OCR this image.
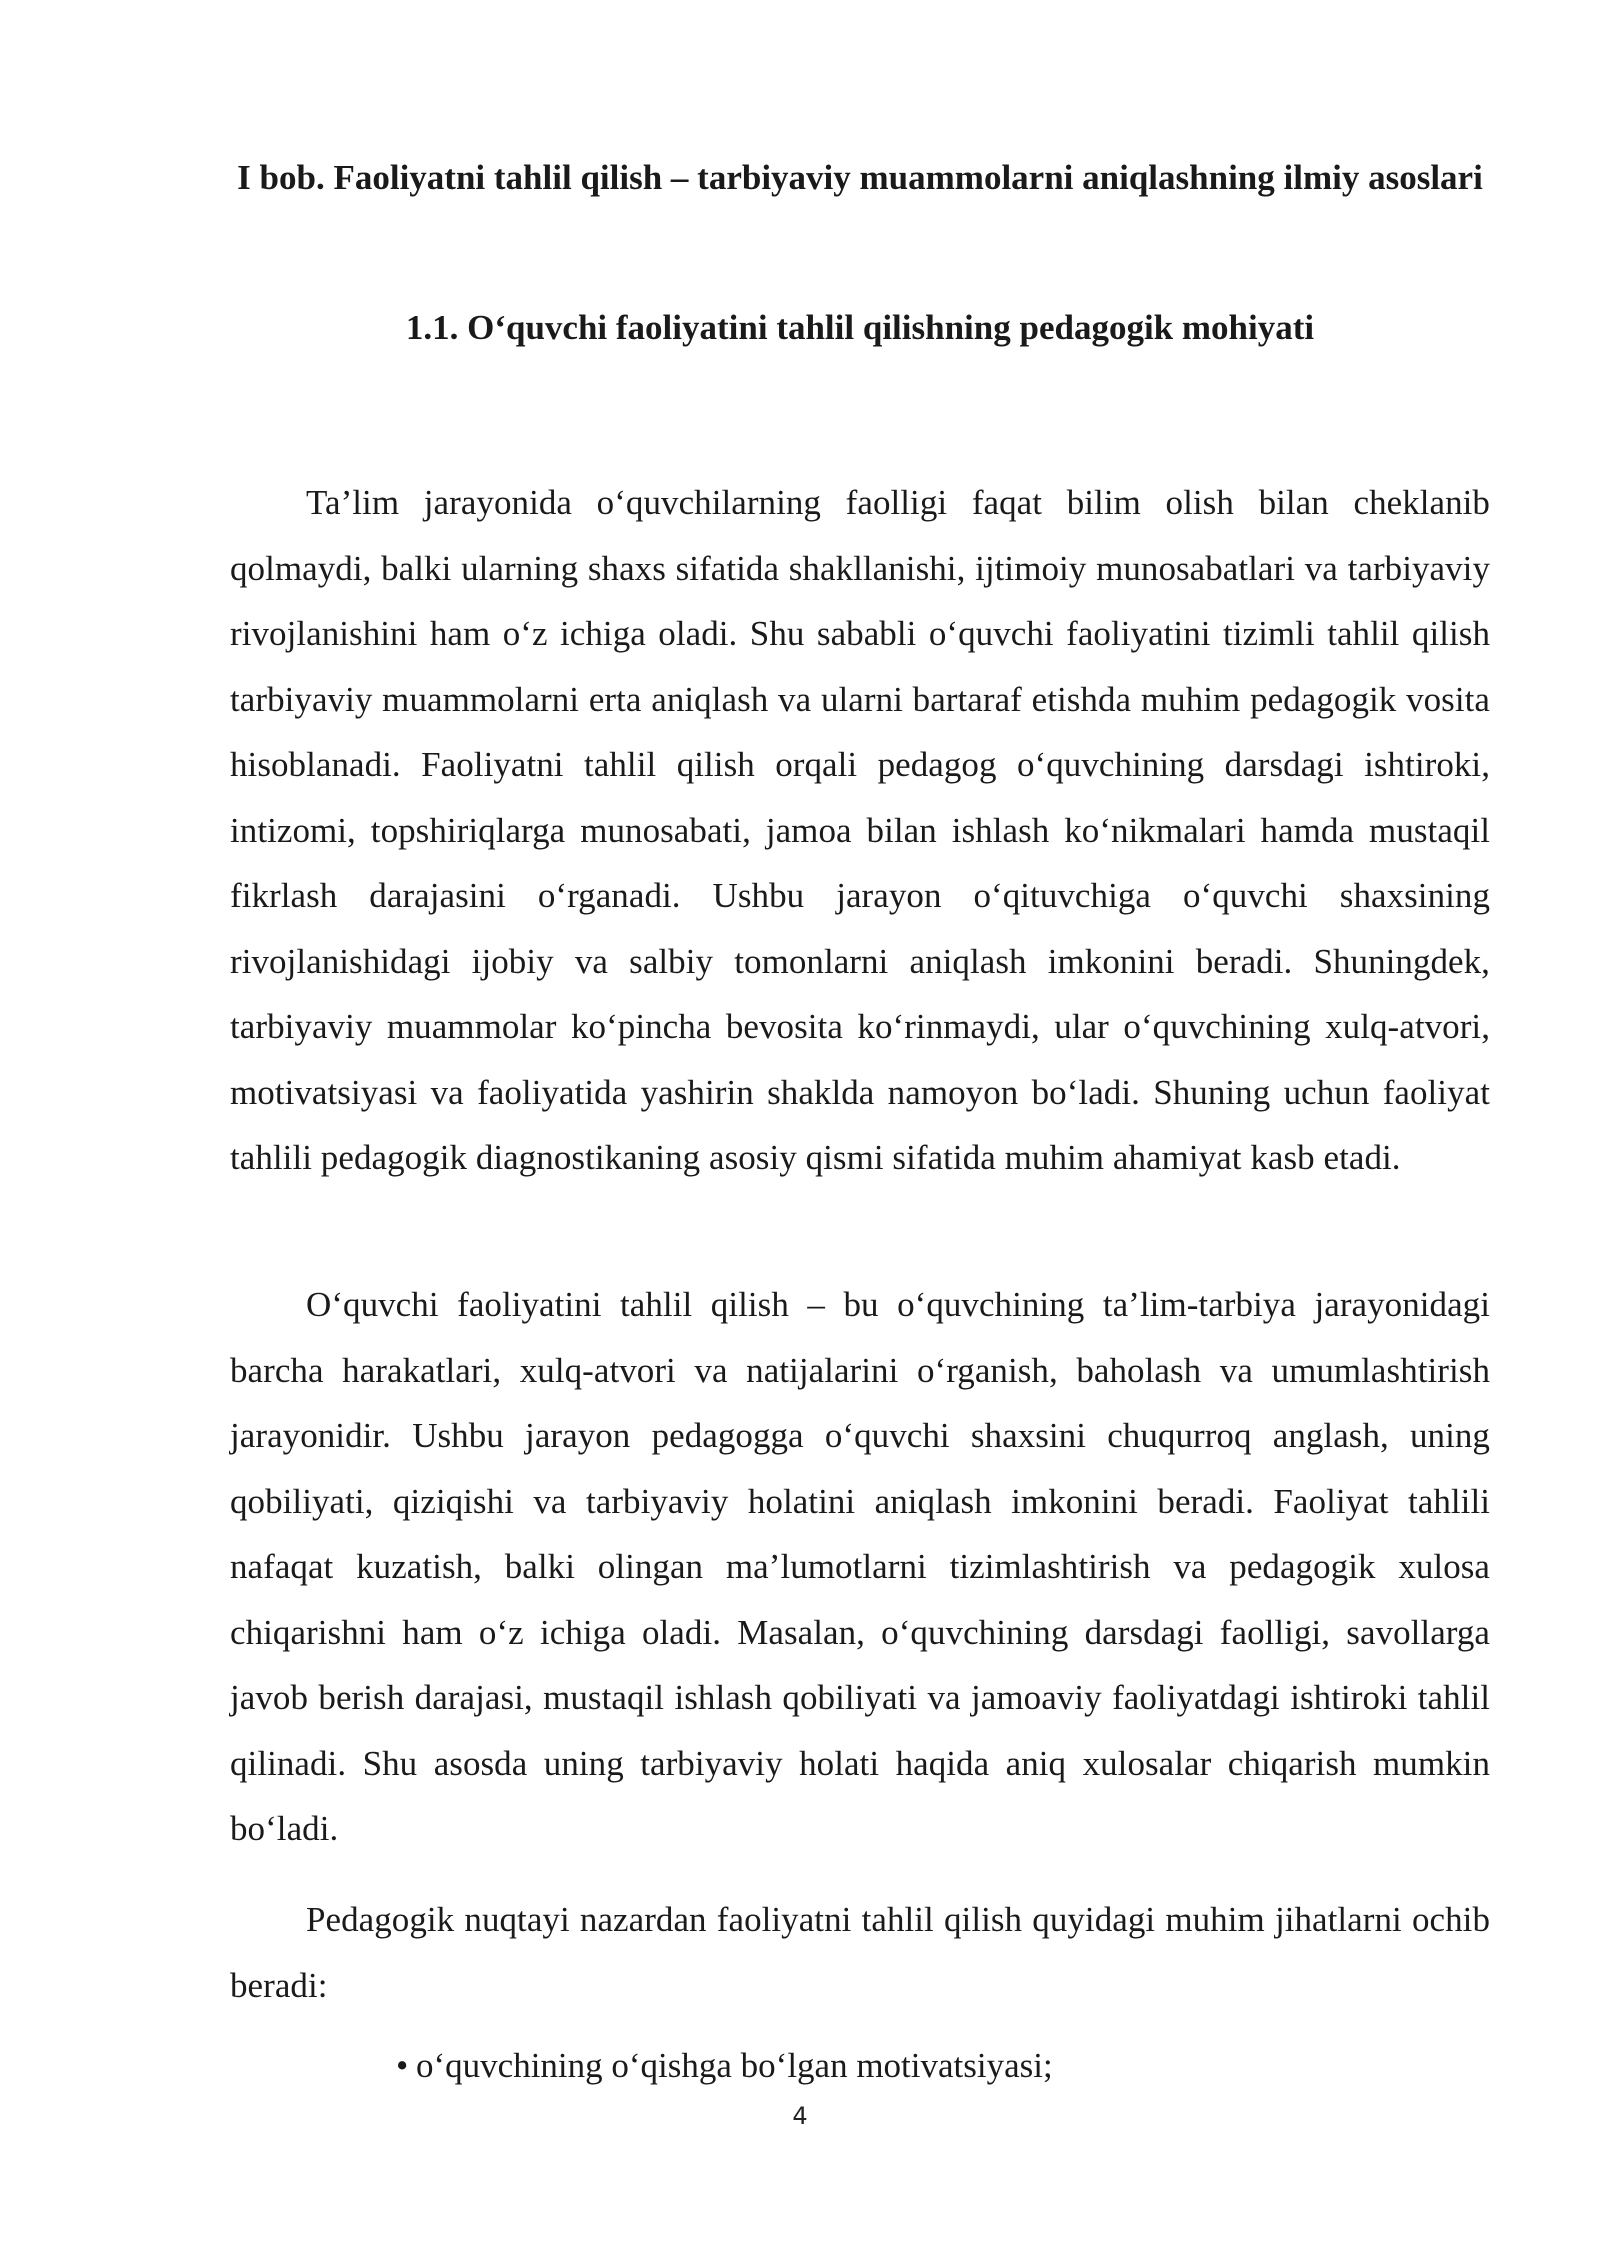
I bob. Faoliyatni tahlil qilish – tarbiyaviy muammolarni aniqlashning ilmiy asoslari
1.1. O‘quvchi faoliyatini tahlil qilishning pedagogik mohiyati

Ta’lim jarayonida o‘quvchilarning faolligi faqat bilim olish bilan cheklanib qolmaydi, balki ularning shaxs sifatida shakllanishi, ijtimoiy munosabatlari va tarbiyaviy rivojlanishini ham o‘z ichiga oladi. Shu sababli o‘quvchi faoliyatini tizimli tahlil qilish tarbiyaviy muammolarni erta aniqlash va ularni bartaraf etishda muhim pedagogik vosita hisoblanadi. Faoliyatni tahlil qilish orqali pedagog o‘quvchining darsdagi ishtiroki, intizomi, topshiriqlarga munosabati, jamoa bilan ishlash ko‘nikmalari hamda mustaqil fikrlash darajasini o‘rganadi. Ushbu jarayon o‘qituvchiga o‘quvchi shaxsining rivojlanishidagi ijobiy va salbiy tomonlarni aniqlash imkonini beradi. Shuningdek, tarbiyaviy muammolar ko‘pincha bevosita ko‘rinmaydi, ular o‘quvchining xulq-atvori, motivatsiyasi va faoliyatida yashirin shaklda namoyon bo‘ladi. Shuning uchun faoliyat tahlili pedagogik diagnostikaning asosiy qismi sifatida muhim ahamiyat kasb etadi.

O‘quvchi faoliyatini tahlil qilish – bu o‘quvchining ta’lim-tarbiya jarayonidagi barcha harakatlari, xulq-atvori va natijalarini o‘rganish, baholash va umumlashtirish jarayonidir. Ushbu jarayon pedagogga o‘quvchi shaxsini chuqurroq anglash, uning qobiliyati, qiziqishi va tarbiyaviy holatini aniqlash imkonini beradi. Faoliyat tahlili nafaqat kuzatish, balki olingan ma’lumotlarni tizimlashtirish va pedagogik xulosa chiqarishni ham o‘z ichiga oladi. Masalan, o‘quvchining darsdagi faolligi, savollarga javob berish darajasi, mustaqil ishlash qobiliyati va jamoaviy faoliyatdagi ishtiroki tahlil qilinadi. Shu asosda uning tarbiyaviy holati haqida aniq xulosalar chiqarish mumkin bo‘ladi.

Pedagogik nuqtayi nazardan faoliyatni tahlil qilish quyidagi muhim jihatlarni ochib beradi:

• o‘quvchining o‘qishga bo‘lgan motivatsiyasi;
4
